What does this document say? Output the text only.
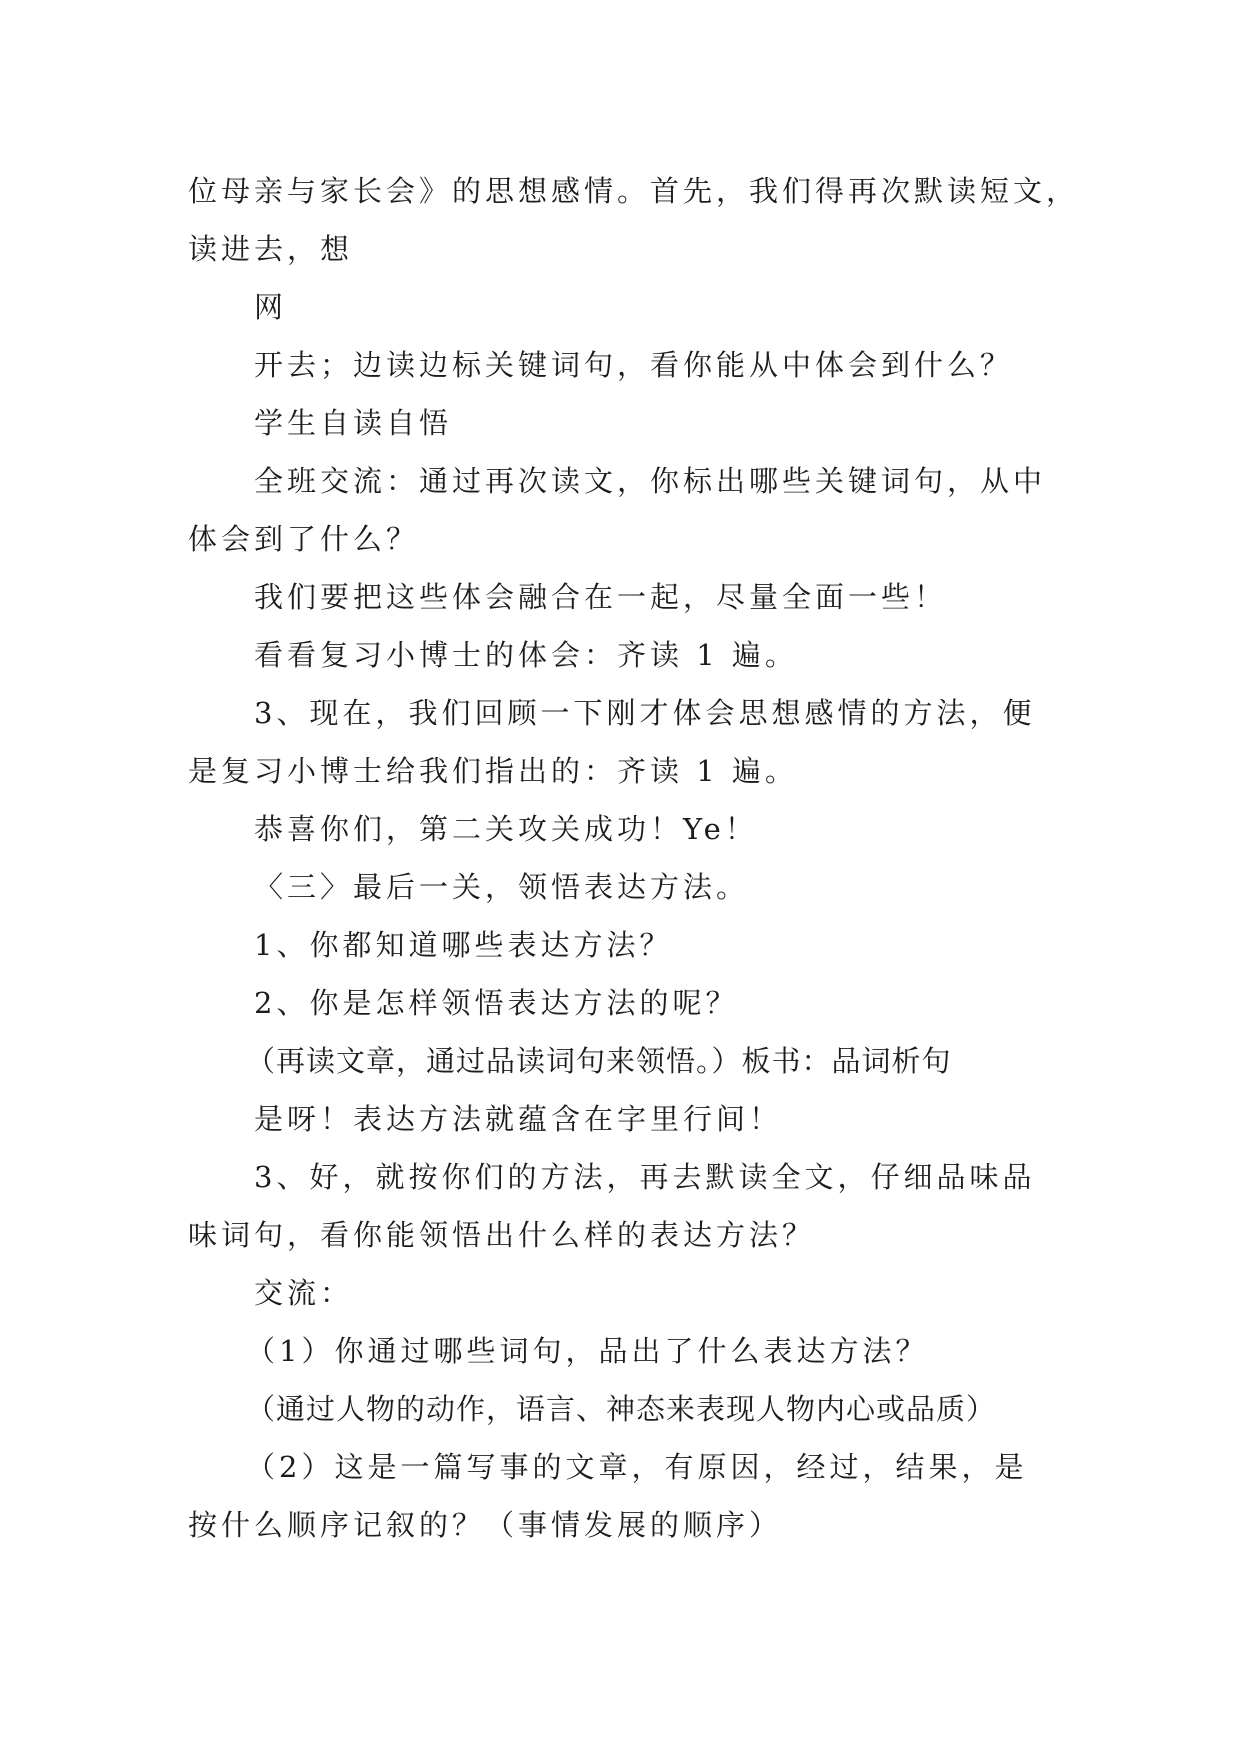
位母亲与家长会》的思想感情。首先，我们得再次默读短文，
读进去，想
网
开去；边读边标关键词句，看你能从中体会到什么？
学生自读自悟
全班交流：通过再次读文，你标出哪些关键词句，从中
体会到了什么？
我们要把这些体会融合在一起，尽量全面一些！
看看复习小博士的体会：齐读 1 遍。
3、现在，我们回顾一下刚才体会思想感情的方法，便
是复习小博士给我们指出的：齐读 1 遍。
恭喜你们，第二关攻关成功！Ye！
〈三〉最后一关，领悟表达方法。
1、你都知道哪些表达方法？
2、你是怎样领悟表达方法的呢？
（再读文章，通过品读词句来领悟。）板书：品词析句
是呀！表达方法就蕴含在字里行间！
3、好，就按你们的方法，再去默读全文，仔细品味品
味词句，看你能领悟出什么样的表达方法？
交流：
（1）你通过哪些词句，品出了什么表达方法？
（通过人物的动作，语言、神态来表现人物内心或品质）
（2）这是一篇写事的文章，有原因，经过，结果，是
按什么顺序记叙的？（事情发展的顺序）
